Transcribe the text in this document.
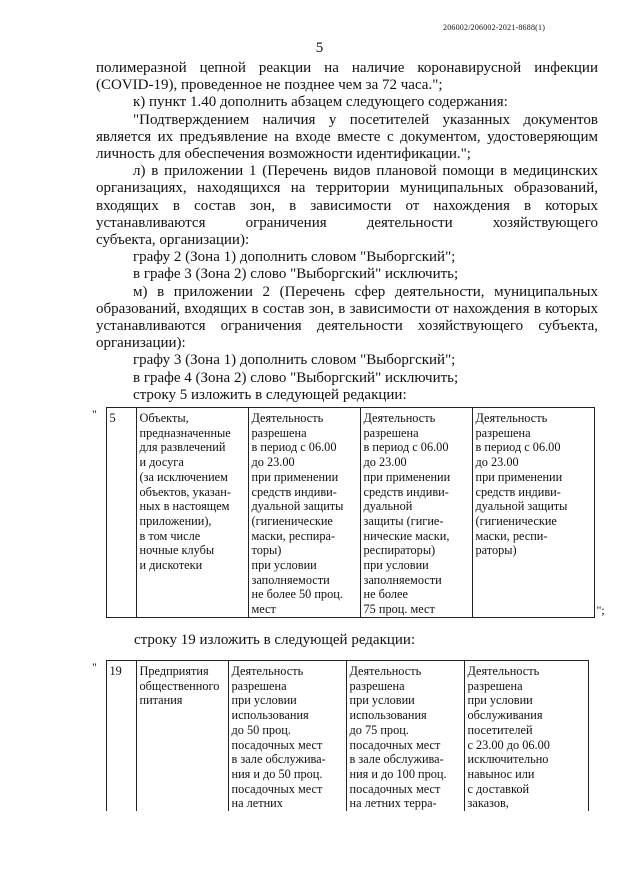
206002/206002-2021-8688(1)
5

полимеразной цепной реакции на наличие коронавирусной инфекции

(COVID-19), проведенное не позднее чем за 72 часа.";

к) пункт 1.40 дополнить абзацем следующего содержания:

"Подтверждением наличия у посетителей указанных документов

является их предъявление на входе вместе с документом, удостоверяющим

личность для обеспечения возможности идентификации.";

л) в приложении 1 (Перечень видов плановой помощи в медицинских

организациях, находящихся на территории муниципальных образований,

входящих в состав зон, в зависимости от нахождения в которых

устанавливаются ограничения деятельности хозяйствующего

субъекта, организации):

графу 2 (Зона 1) дополнить словом "Выборгский";

в графе 3 (Зона 2) слово "Выборгский" исключить;

м) в приложении 2 (Перечень сфер деятельности, муниципальных

образований, входящих в состав зон, в зависимости от нахождения в которых

устанавливаются ограничения деятельности хозяйствующего субъекта,

организации):

графу 3 (Зона 1) дополнить словом "Выборгский";

в графе 4 (Зона 2) слово "Выборгский" исключить;

строку 5 изложить в следующей редакции:

"	5	Объекты,
предназначенные
для развлечений
и досуга
(за исключением
объектов, указан-
ных в настоящем
приложении),
в том числе
ночные клубы
и дискотеки

Деятельность
разрешена
в период с 06.00
до 23.00
при применении
средств индиви-
дуальной защиты
(гигиенические
маски, респира-
торы)
при условии
заполняемости
не более 50 проц.
мест

Деятельность
разрешена
в период с 06.00
до 23.00
при применении
средств индиви-
дуальной
защиты (гигие-
нические маски,
респираторы)
при условии
заполняемости
не более
75 проц. мест

Деятельность
разрешена
в период с 06.00
до 23.00
при применении
средств индиви-
дуальной защиты
(гигиенические
маски, респи-
раторы)
	";
строку 19 изложить в следующей редакции:
"	19	Предприятия
общественного
питания

Деятельность
разрешена
при условии
использования
до 50 проц.
посадочных мест
в зале обслужива-
ния и до 50 проц.
посадочных мест
на летних

Деятельность
разрешена
при условии
использования
до 75 проц.
посадочных мест
в зале обслужива-
ния и до 100 проц.
посадочных мест
на летних терра-

Деятельность
разрешена
при условии
обслуживания
посетителей
с 23.00 до 06.00
исключительно
навынос или
с доставкой
заказов,
